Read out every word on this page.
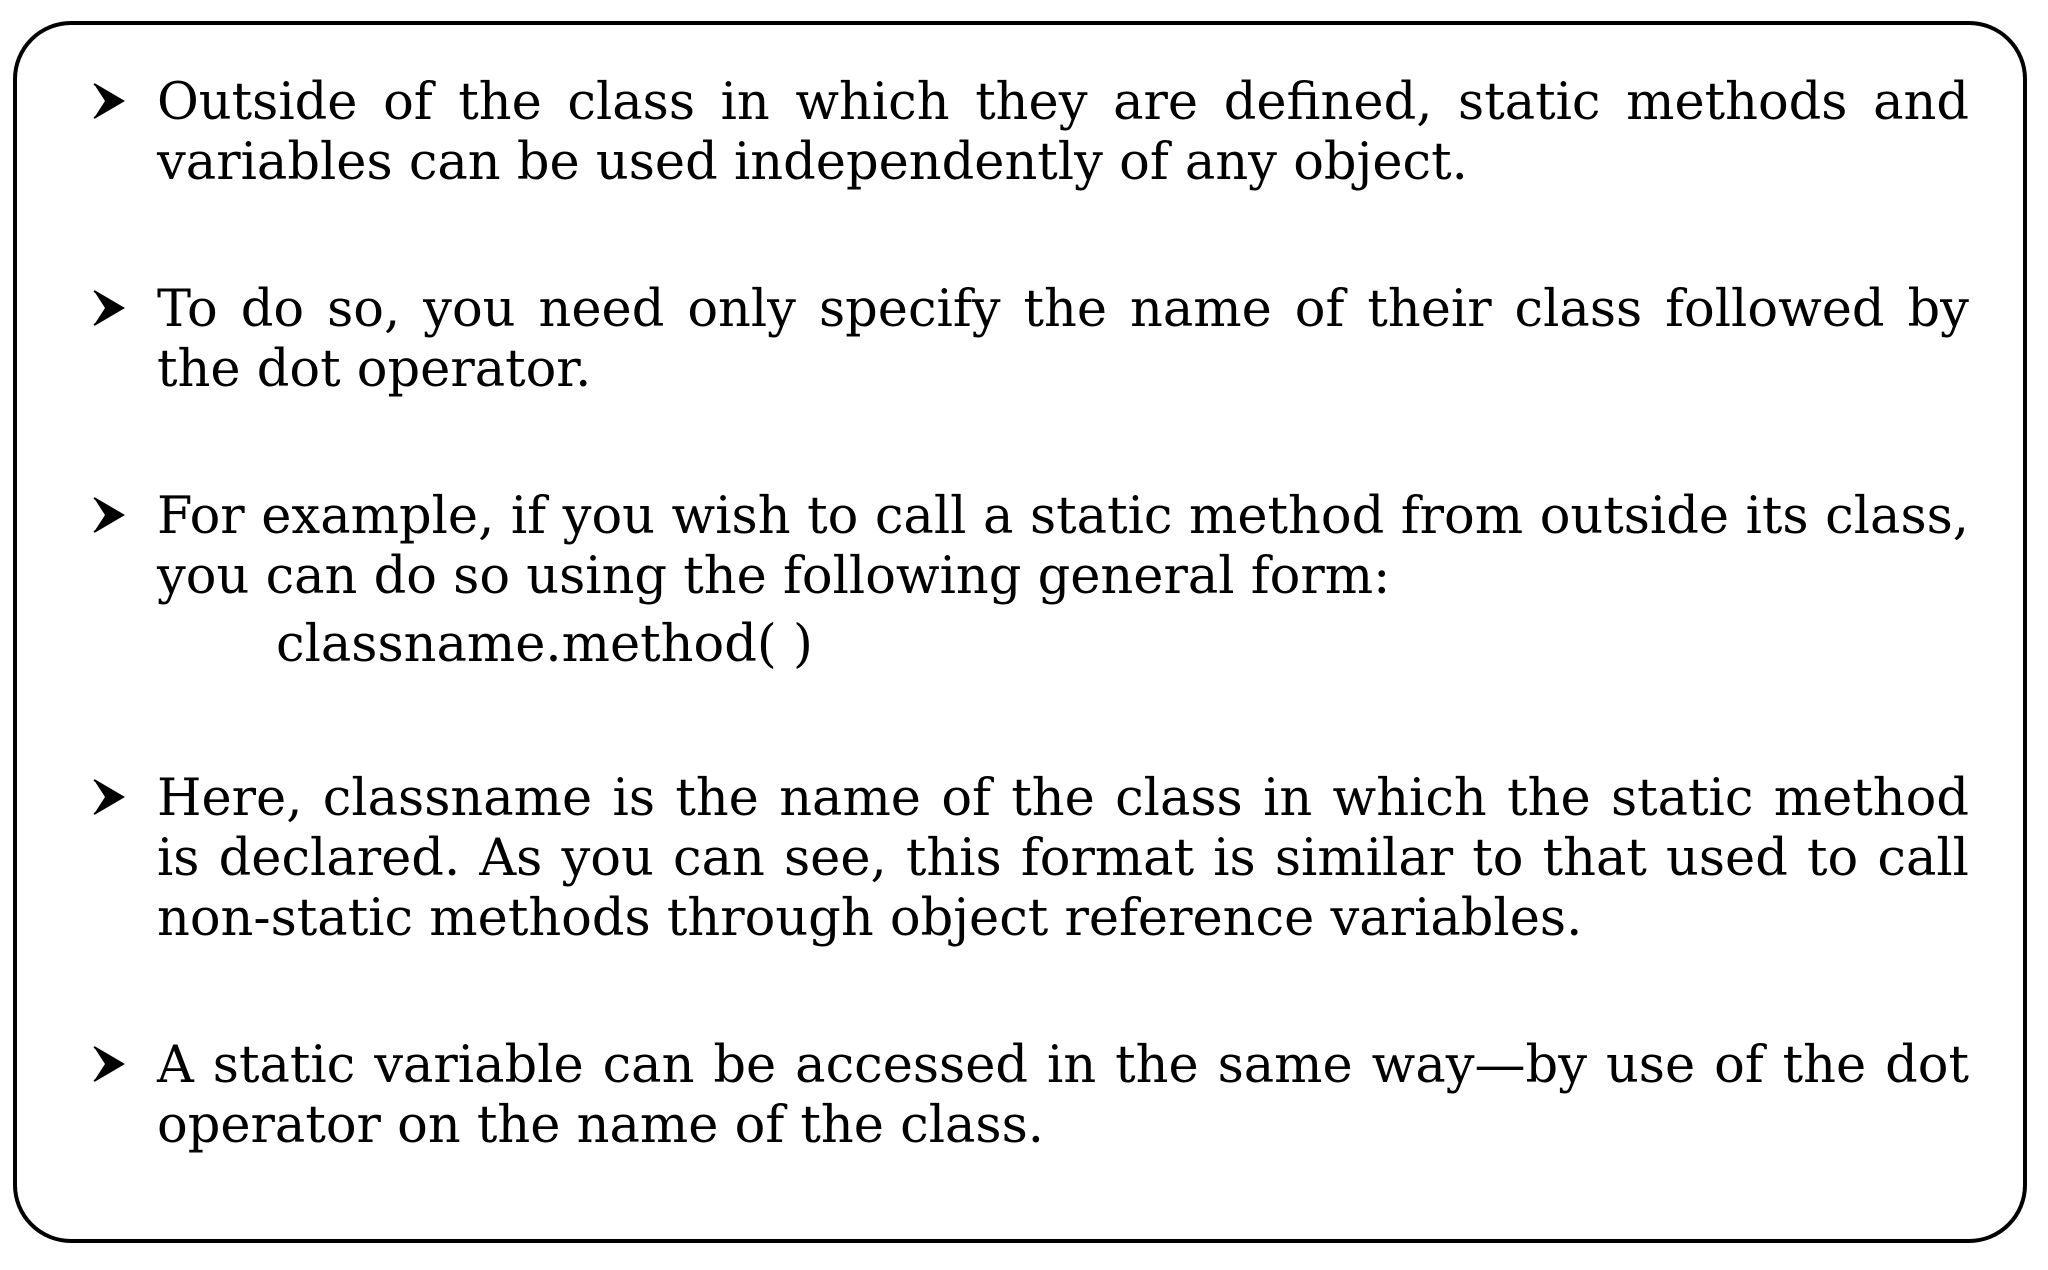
Outside of the class in which they are defined, static methods and variables can be used independently of any object.

To do so, you need only specify the name of their class followed by the dot operator.

For example, if you wish to call a static method from outside its class, you can do so using the following general form:

classname.method( )

Here, classname is the name of the class in which the static method is declared. As you can see, this format is similar to that used to call non-static methods through object reference variables.

A static variable can be accessed in the same way—by use of the dot operator on the name of the class.
